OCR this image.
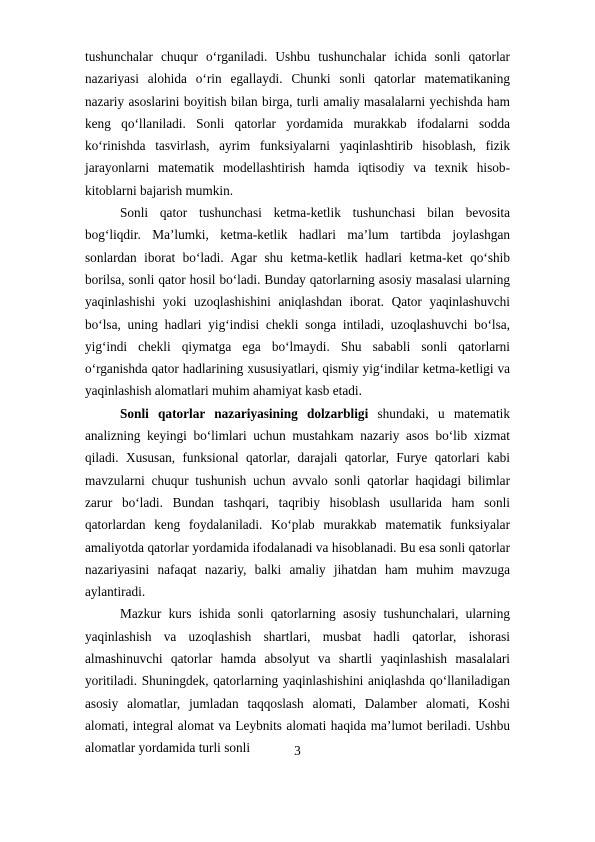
tushunchalar chuqur o‘rganiladi. Ushbu tushunchalar ichida sonli qatorlar nazariyasi alohida o‘rin egallaydi. Chunki sonli qatorlar matematikaning nazariy asoslarini boyitish bilan birga, turli amaliy masalalarni yechishda ham keng qo‘llaniladi. Sonli qatorlar yordamida murakkab ifodalarni sodda ko‘rinishda tasvirlash, ayrim funksiyalarni yaqinlashtirib hisoblash, fizik jarayonlarni matematik modellashtirish hamda iqtisodiy va texnik hisob-kitoblarni bajarish mumkin.

Sonli qator tushunchasi ketma-ketlik tushunchasi bilan bevosita bog‘liqdir. Ma’lumki, ketma-ketlik hadlari ma’lum tartibda joylashgan sonlardan iborat bo‘ladi. Agar shu ketma-ketlik hadlari ketma-ket qo‘shib borilsa, sonli qator hosil bo‘ladi. Bunday qatorlarning asosiy masalasi ularning yaqinlashishi yoki uzoqlashishini aniqlashdan iborat. Qator yaqinlashuvchi bo‘lsa, uning hadlari yig‘indisi chekli songa intiladi, uzoqlashuvchi bo‘lsa, yig‘indi chekli qiymatga ega bo‘lmaydi. Shu sababli sonli qatorlarni o‘rganishda qator hadlarining xususiyatlari, qismiy yig‘indilar ketma-ketligi va yaqinlashish alomatlari muhim ahamiyat kasb etadi.

Sonli qatorlar nazariyasining dolzarbligi shundaki, u matematik analizning keyingi bo‘limlari uchun mustahkam nazariy asos bo‘lib xizmat qiladi. Xususan, funksional qatorlar, darajali qatorlar, Furye qatorlari kabi mavzularni chuqur tushunish uchun avvalo sonli qatorlar haqidagi bilimlar zarur bo‘ladi. Bundan tashqari, taqribiy hisoblash usullarida ham sonli qatorlardan keng foydalaniladi. Ko‘plab murakkab matematik funksiyalar amaliyotda qatorlar yordamida ifodalanadi va hisoblanadi. Bu esa sonli qatorlar nazariyasini nafaqat nazariy, balki amaliy jihatdan ham muhim mavzuga aylantiradi.

Mazkur kurs ishida sonli qatorlarning asosiy tushunchalari, ularning yaqinlashish va uzoqlashish shartlari, musbat hadli qatorlar, ishorasi almashinuvchi qatorlar hamda absolyut va shartli yaqinlashish masalalari yoritiladi. Shuningdek, qatorlarning yaqinlashishini aniqlashda qo‘llaniladigan asosiy alomatlar, jumladan taqqoslash alomati, Dalamber alomati, Koshi alomati, integral alomat va Leybnits alomati haqida ma’lumot beriladi. Ushbu alomatlar yordamida turli sonli	3
